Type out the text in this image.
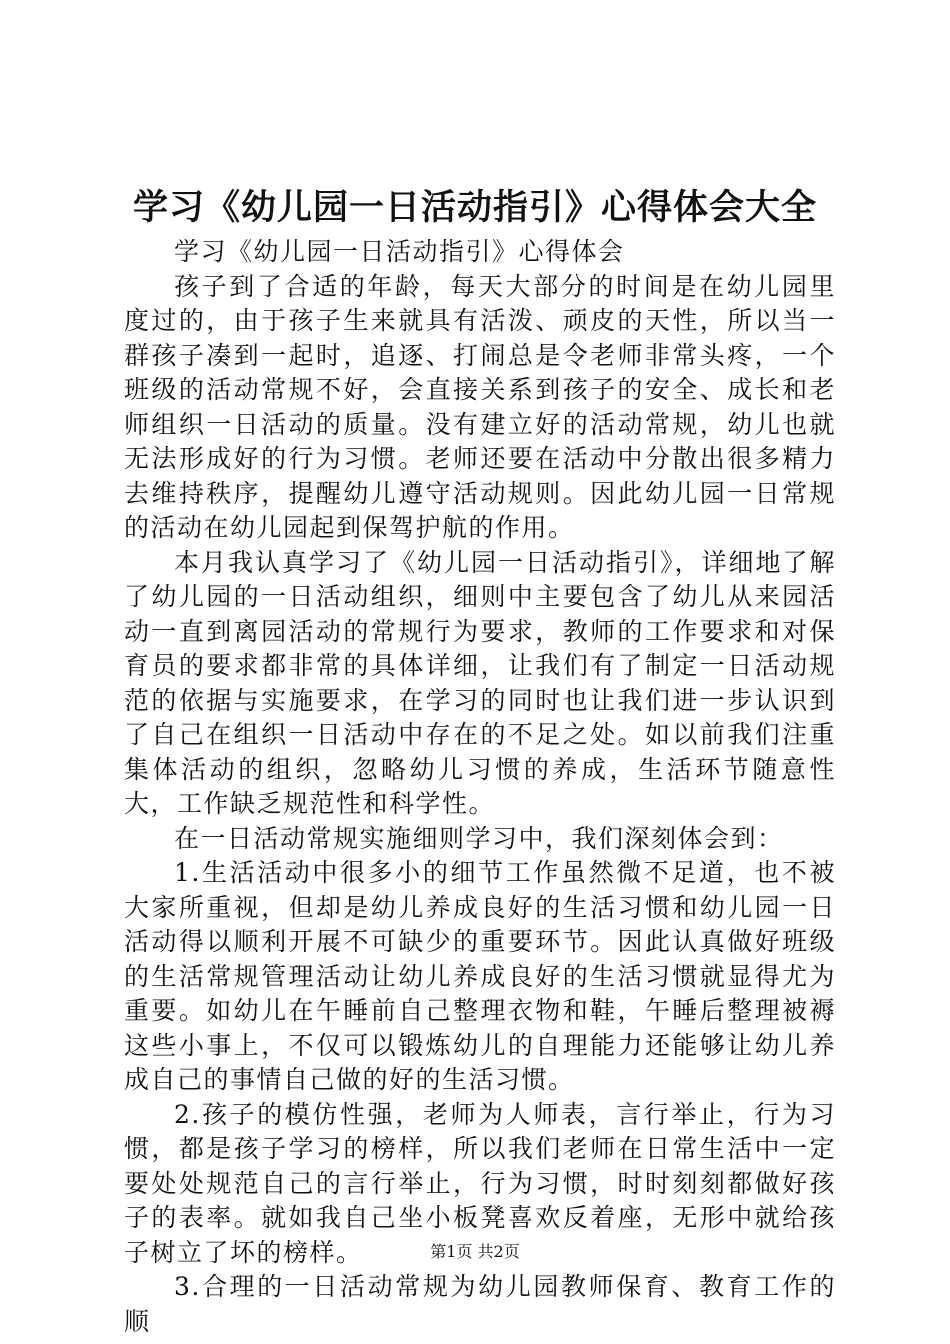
学习《幼儿园一日活动指引》心得体会大全

学习《幼儿园一日活动指引》心得体会

孩子到了合适的年龄，每天大部分的时间是在幼儿园里度过的，由于孩子生来就具有活泼、顽皮的天性，所以当一群孩子凑到一起时，追逐、打闹总是令老师非常头疼，一个班级的活动常规不好，会直接关系到孩子的安全、成长和老师组织一日活动的质量。没有建立好的活动常规，幼儿也就无法形成好的行为习惯。老师还要在活动中分散出很多精力去维持秩序，提醒幼儿遵守活动规则。因此幼儿园一日常规的活动在幼儿园起到保驾护航的作用。

本月我认真学习了《幼儿园一日活动指引》，详细地了解了幼儿园的一日活动组织，细则中主要包含了幼儿从来园活动一直到离园活动的常规行为要求，教师的工作要求和对保育员的要求都非常的具体详细，让我们有了制定一日活动规范的依据与实施要求，在学习的同时也让我们进一步认识到了自己在组织一日活动中存在的不足之处。如以前我们注重集体活动的组织，忽略幼儿习惯的养成，生活环节随意性大，工作缺乏规范性和科学性。

在一日活动常规实施细则学习中，我们深刻体会到：

1.生活活动中很多小的细节工作虽然微不足道，也不被大家所重视，但却是幼儿养成良好的生活习惯和幼儿园一日活动得以顺利开展不可缺少的重要环节。因此认真做好班级的生活常规管理活动让幼儿养成良好的生活习惯就显得尤为重要。如幼儿在午睡前自己整理衣物和鞋，午睡后整理被褥这些小事上，不仅可以锻炼幼儿的自理能力还能够让幼儿养成自己的事情自己做的好的生活习惯。

2.孩子的模仿性强，老师为人师表，言行举止，行为习惯，都是孩子学习的榜样，所以我们老师在日常生活中一定要处处规范自己的言行举止，行为习惯，时时刻刻都做好孩子的表率。就如我自己坐小板凳喜欢反着座，无形中就给孩子树立了坏的榜样。

3.合理的一日活动常规为幼儿园教师保育、教育工作的顺

第1页 共2页
